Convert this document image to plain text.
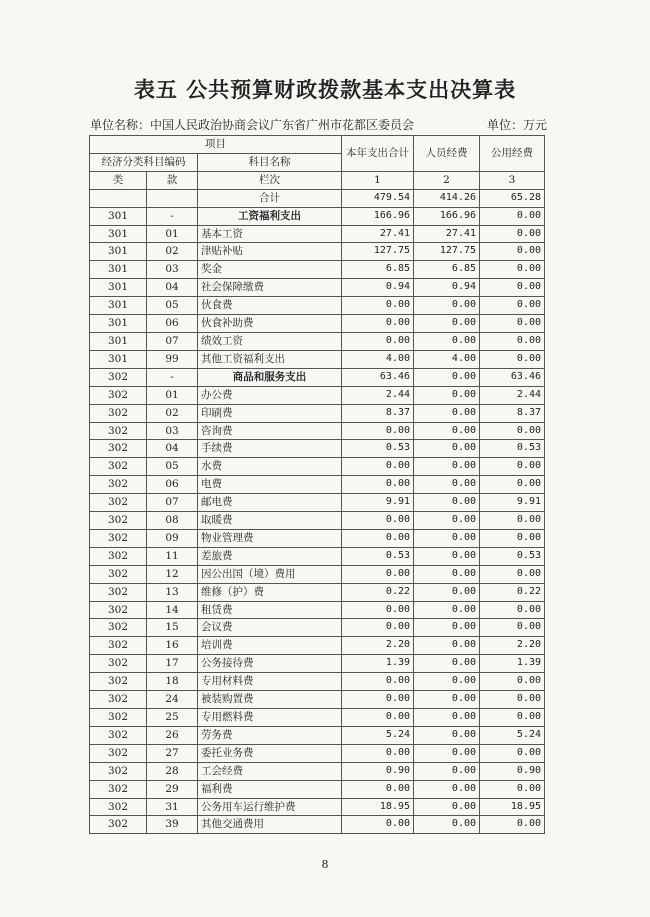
表五 公共预算财政拨款基本支出决算表
单位名称：中国人民政治协商会议广东省广州市花都区委员会	单位：万元
项目			本年支出合计	人员经费	公用经费
经济分类科目编码		科目名称			
类	款	栏次	1	2	3
		合计	479.54	414.26	65.28
301	-	工资福利支出	166.96	166.96	0.00
301	01	基本工资	27.41	27.41	0.00
301	02	津贴补贴	127.75	127.75	0.00
301	03	奖金	6.85	6.85	0.00
301	04	社会保障缴费	0.94	0.94	0.00
301	05	伙食费	0.00	0.00	0.00
301	06	伙食补助费	0.00	0.00	0.00
301	07	绩效工资	0.00	0.00	0.00
301	99	其他工资福利支出	4.00	4.00	0.00
302	-	商品和服务支出	63.46	0.00	63.46
302	01	办公费	2.44	0.00	2.44
302	02	印刷费	8.37	0.00	8.37
302	03	咨询费	0.00	0.00	0.00
302	04	手续费	0.53	0.00	0.53
302	05	水费	0.00	0.00	0.00
302	06	电费	0.00	0.00	0.00
302	07	邮电费	9.91	0.00	9.91
302	08	取暖费	0.00	0.00	0.00
302	09	物业管理费	0.00	0.00	0.00
302	11	差旅费	0.53	0.00	0.53
302	12	因公出国（境）费用	0.00	0.00	0.00
302	13	维修（护）费	0.22	0.00	0.22
302	14	租赁费	0.00	0.00	0.00
302	15	会议费	0.00	0.00	0.00
302	16	培训费	2.20	0.00	2.20
302	17	公务接待费	1.39	0.00	1.39
302	18	专用材料费	0.00	0.00	0.00
302	24	被装购置费	0.00	0.00	0.00
302	25	专用燃料费	0.00	0.00	0.00
302	26	劳务费	5.24	0.00	5.24
302	27	委托业务费	0.00	0.00	0.00
302	28	工会经费	0.90	0.00	0.90
302	29	福利费	0.00	0.00	0.00
302	31	公务用车运行维护费	18.95	0.00	18.95
302	39	其他交通费用	0.00	0.00	0.00
8
